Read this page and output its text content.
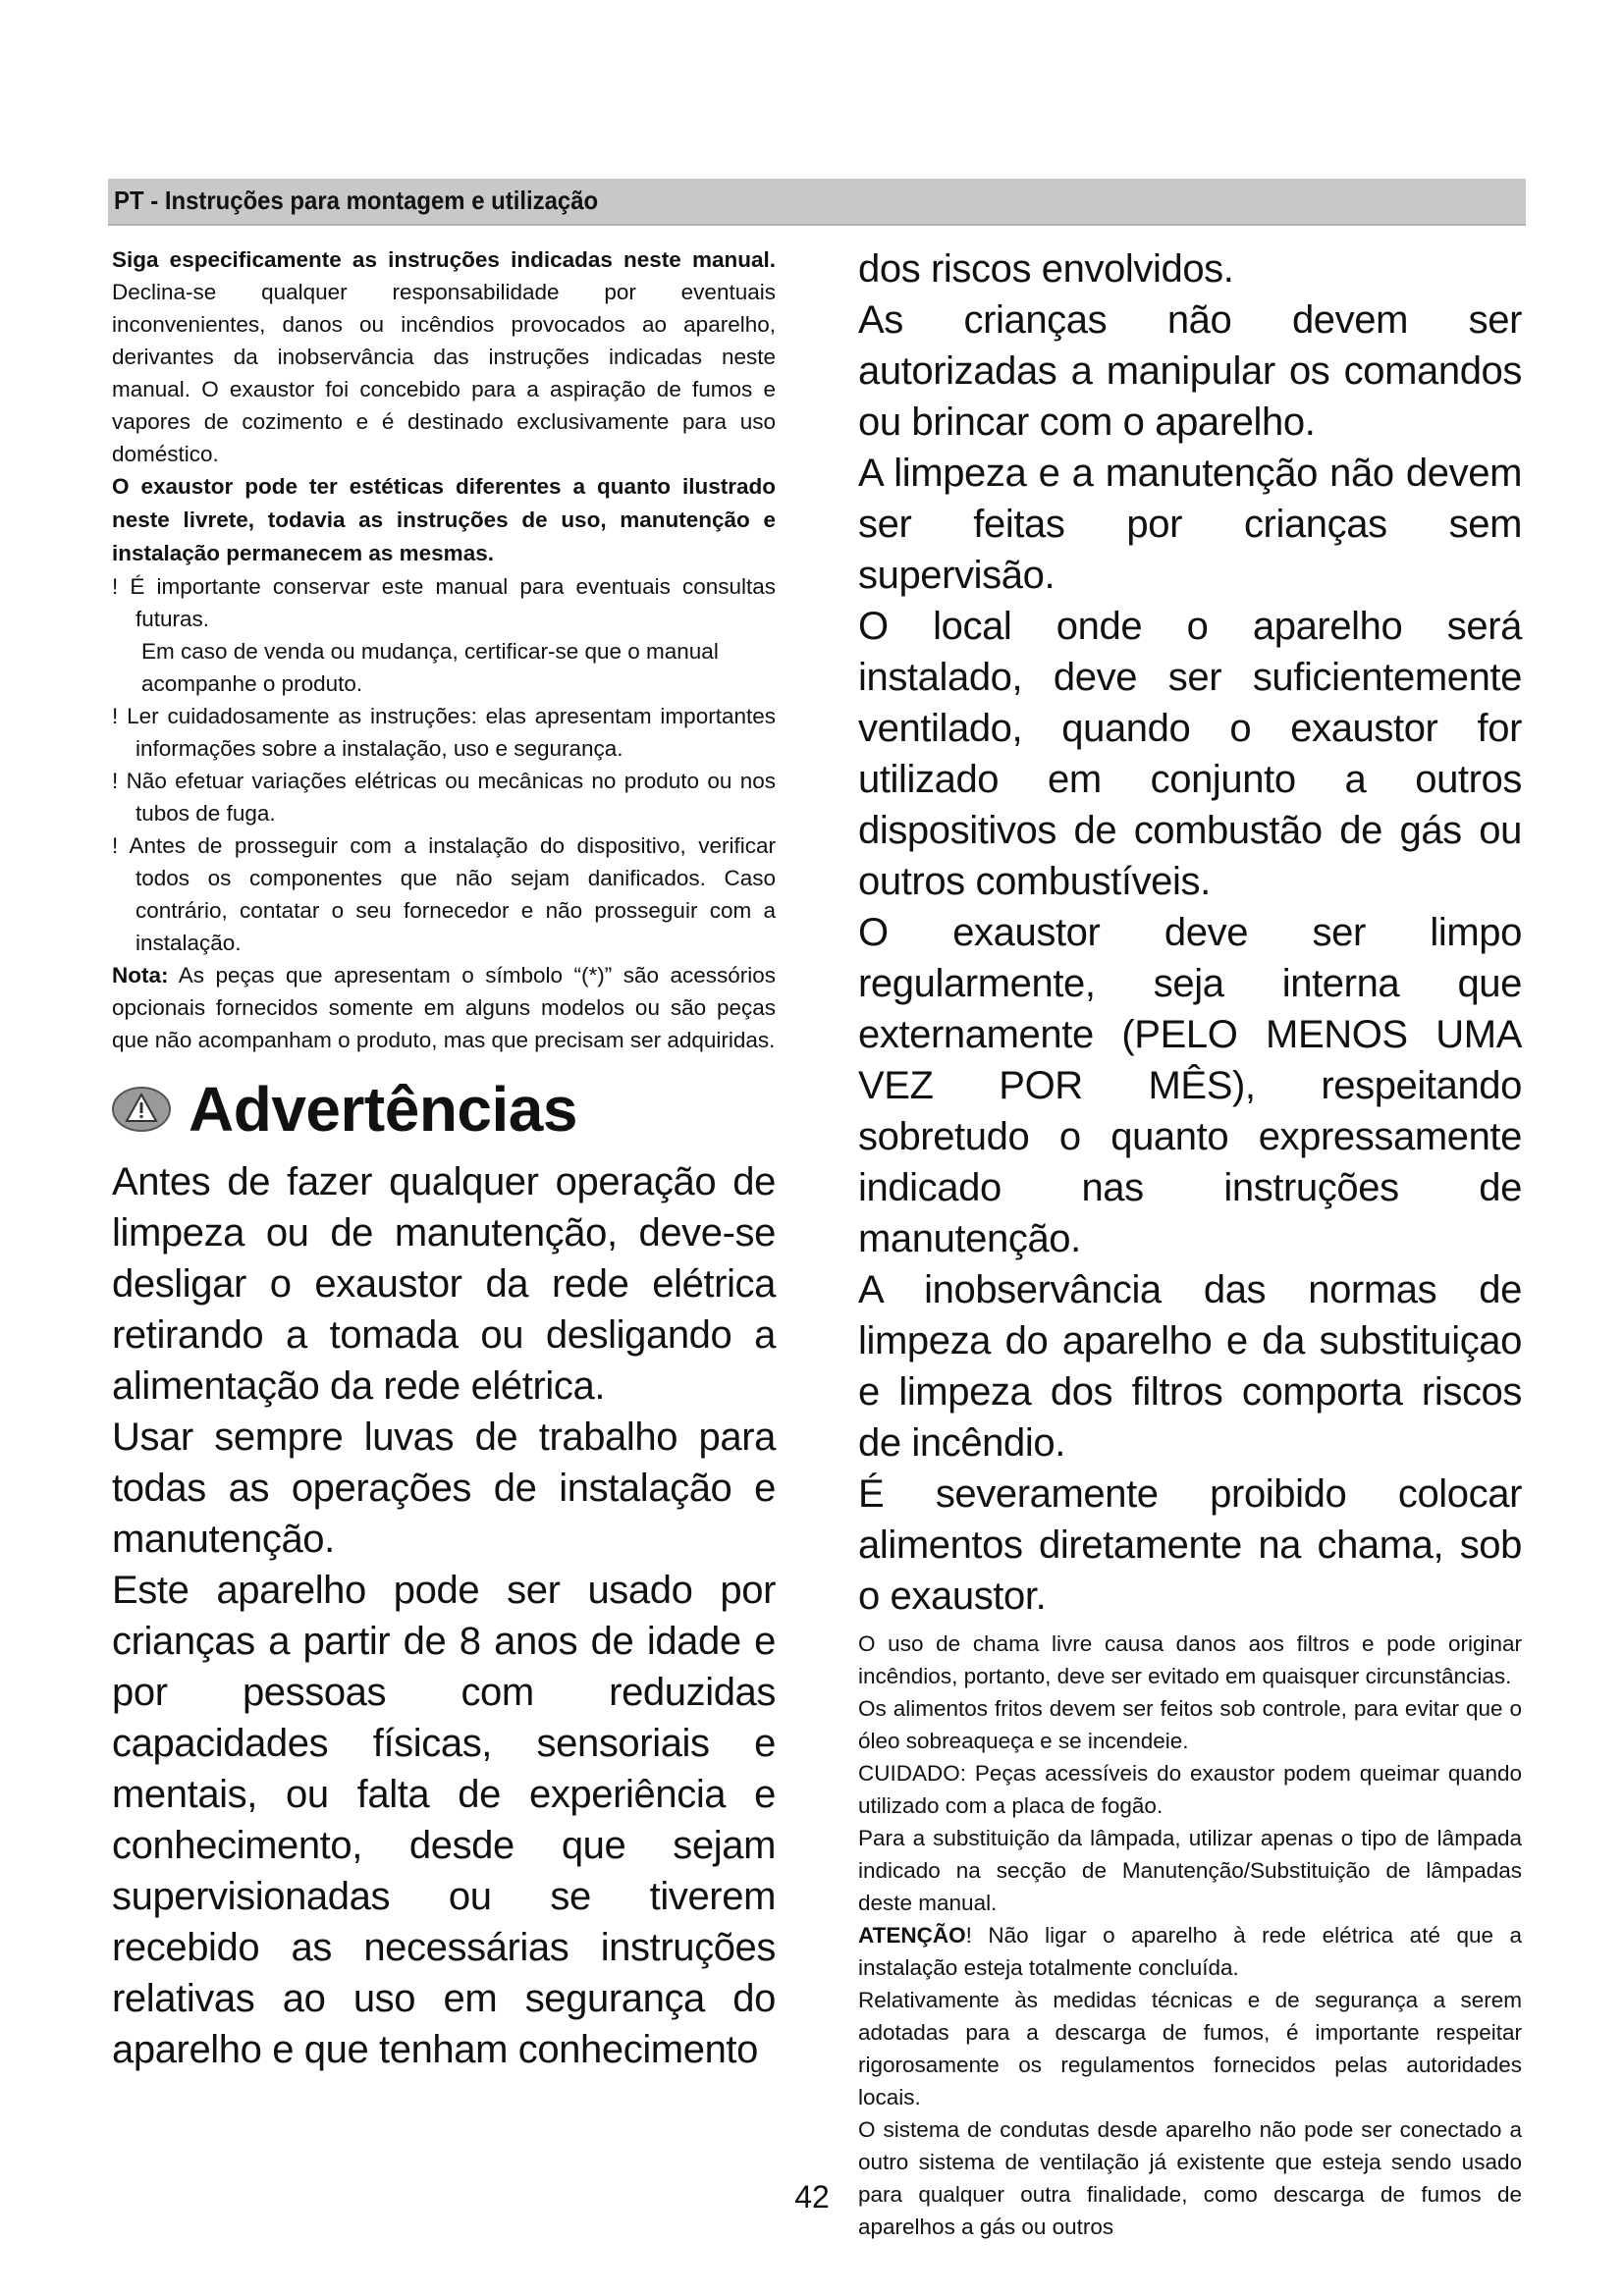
PT - Instruções para montagem e utilização

Siga especificamente as instruções indicadas neste manual. Declina-se qualquer responsabilidade por eventuais inconvenientes, danos ou incêndios provocados ao aparelho, derivantes da inobservância das instruções indicadas neste manual. O exaustor foi concebido para a aspiração de fumos e vapores de cozimento e é destinado exclusivamente para uso doméstico.

O exaustor pode ter estéticas diferentes a quanto ilustrado neste livrete, todavia as instruções de uso, manutenção e instalação permanecem as mesmas.

! É importante conservar este manual para eventuais consultas futuras.

Em caso de venda ou mudança, certificar-se que o manual acompanhe o produto.

! Ler cuidadosamente as instruções: elas apresentam importantes informações sobre a instalação, uso e segurança.

! Não efetuar variações elétricas ou mecânicas no produto ou nos tubos de fuga.

! Antes de prosseguir com a instalação do dispositivo, verificar todos os componentes que não sejam danificados. Caso contrário, contatar o seu fornecedor e não prosseguir com a instalação.

Nota: As peças que apresentam o símbolo “(*)” são acessórios opcionais fornecidos somente em alguns modelos ou são peças que não acompanham o produto, mas que precisam ser adquiridas.

Advertências

Antes de fazer qualquer operação de limpeza ou de manutenção, deve-se desligar o exaustor da rede elétrica retirando a tomada ou desligando a alimentação da rede elétrica.

Usar sempre luvas de trabalho para todas as operações de instalação e manutenção.

Este aparelho pode ser usado por crianças a partir de 8 anos de idade e por pessoas com reduzidas capacidades físicas, sensoriais e mentais, ou falta de experiência e conhecimento, desde que sejam supervisionadas ou se tiverem recebido as necessárias instruções relativas ao uso em segurança do aparelho e que tenham conhecimento

dos riscos envolvidos.

As crianças não devem ser autorizadas a manipular os comandos ou brincar com o aparelho.

A limpeza e a manutenção não devem ser feitas por crianças sem supervisão.

O local onde o aparelho será instalado, deve ser suficientemente ventilado, quando o exaustor for utilizado em conjunto a outros dispositivos de combustão de gás ou outros combustíveis.

O exaustor deve ser limpo regularmente, seja interna que externamente (PELO MENOS UMA VEZ POR MÊS), respeitando sobretudo o quanto expressamente indicado nas instruções de manutenção.

A inobservância das normas de limpeza do aparelho e da substituiçao e limpeza dos filtros comporta riscos de incêndio.

É severamente proibido colocar alimentos diretamente na chama, sob o exaustor.

O uso de chama livre causa danos aos filtros e pode originar incêndios, portanto, deve ser evitado em quaisquer circunstâncias.

Os alimentos fritos devem ser feitos sob controle, para evitar que o óleo sobreaqueça e se incendeie.

CUIDADO: Peças acessíveis do exaustor podem queimar quando utilizado com a placa de fogão.

Para a substituição da lâmpada, utilizar apenas o tipo de lâmpada indicado na secção de Manutenção/Substituição de lâmpadas deste manual.

ATENÇÃO! Não ligar o aparelho à rede elétrica até que a instalação esteja totalmente concluída.

Relativamente às medidas técnicas e de segurança a serem adotadas para a descarga de fumos, é importante respeitar rigorosamente os regulamentos fornecidos pelas autoridades locais.

O sistema de condutas desde aparelho não pode ser conectado a outro sistema de ventilação já existente que esteja sendo usado para qualquer outra finalidade, como descarga de fumos de aparelhos a gás ou outros

42
